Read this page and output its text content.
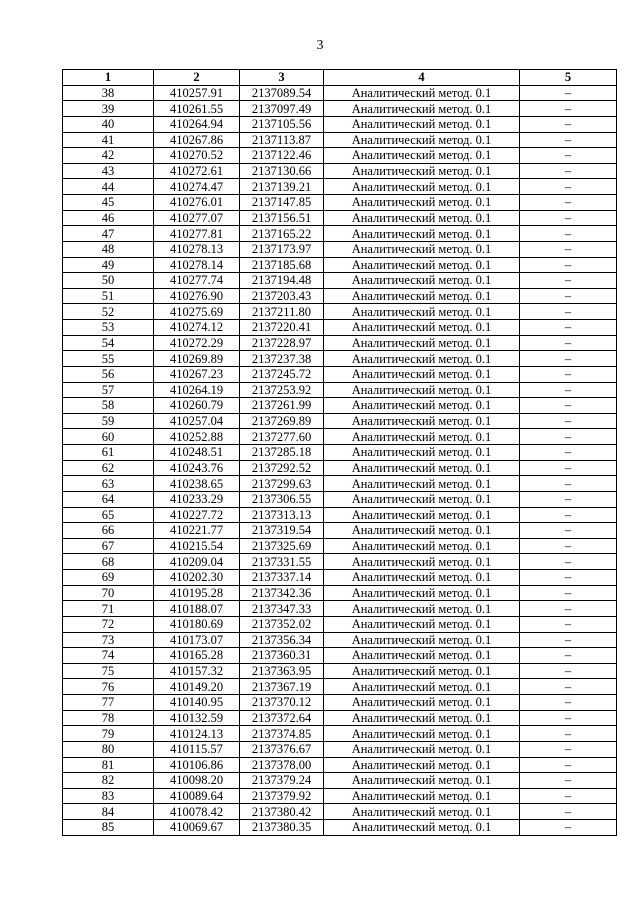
3
1	2	3	4	5
38	410257.91	2137089.54	Аналитический метод. 0.1	–
39	410261.55	2137097.49	Аналитический метод. 0.1	–
40	410264.94	2137105.56	Аналитический метод. 0.1	–
41	410267.86	2137113.87	Аналитический метод. 0.1	–
42	410270.52	2137122.46	Аналитический метод. 0.1	–
43	410272.61	2137130.66	Аналитический метод. 0.1	–
44	410274.47	2137139.21	Аналитический метод. 0.1	–
45	410276.01	2137147.85	Аналитический метод. 0.1	–
46	410277.07	2137156.51	Аналитический метод. 0.1	–
47	410277.81	2137165.22	Аналитический метод. 0.1	–
48	410278.13	2137173.97	Аналитический метод. 0.1	–
49	410278.14	2137185.68	Аналитический метод. 0.1	–
50	410277.74	2137194.48	Аналитический метод. 0.1	–
51	410276.90	2137203.43	Аналитический метод. 0.1	–
52	410275.69	2137211.80	Аналитический метод. 0.1	–
53	410274.12	2137220.41	Аналитический метод. 0.1	–
54	410272.29	2137228.97	Аналитический метод. 0.1	–
55	410269.89	2137237.38	Аналитический метод. 0.1	–
56	410267.23	2137245.72	Аналитический метод. 0.1	–
57	410264.19	2137253.92	Аналитический метод. 0.1	–
58	410260.79	2137261.99	Аналитический метод. 0.1	–
59	410257.04	2137269.89	Аналитический метод. 0.1	–
60	410252.88	2137277.60	Аналитический метод. 0.1	–
61	410248.51	2137285.18	Аналитический метод. 0.1	–
62	410243.76	2137292.52	Аналитический метод. 0.1	–
63	410238.65	2137299.63	Аналитический метод. 0.1	–
64	410233.29	2137306.55	Аналитический метод. 0.1	–
65	410227.72	2137313.13	Аналитический метод. 0.1	–
66	410221.77	2137319.54	Аналитический метод. 0.1	–
67	410215.54	2137325.69	Аналитический метод. 0.1	–
68	410209.04	2137331.55	Аналитический метод. 0.1	–
69	410202.30	2137337.14	Аналитический метод. 0.1	–
70	410195.28	2137342.36	Аналитический метод. 0.1	–
71	410188.07	2137347.33	Аналитический метод. 0.1	–
72	410180.69	2137352.02	Аналитический метод. 0.1	–
73	410173.07	2137356.34	Аналитический метод. 0.1	–
74	410165.28	2137360.31	Аналитический метод. 0.1	–
75	410157.32	2137363.95	Аналитический метод. 0.1	–
76	410149.20	2137367.19	Аналитический метод. 0.1	–
77	410140.95	2137370.12	Аналитический метод. 0.1	–
78	410132.59	2137372.64	Аналитический метод. 0.1	–
79	410124.13	2137374.85	Аналитический метод. 0.1	–
80	410115.57	2137376.67	Аналитический метод. 0.1	–
81	410106.86	2137378.00	Аналитический метод. 0.1	–
82	410098.20	2137379.24	Аналитический метод. 0.1	–
83	410089.64	2137379.92	Аналитический метод. 0.1	–
84	410078.42	2137380.42	Аналитический метод. 0.1	–
85	410069.67	2137380.35	Аналитический метод. 0.1	–
